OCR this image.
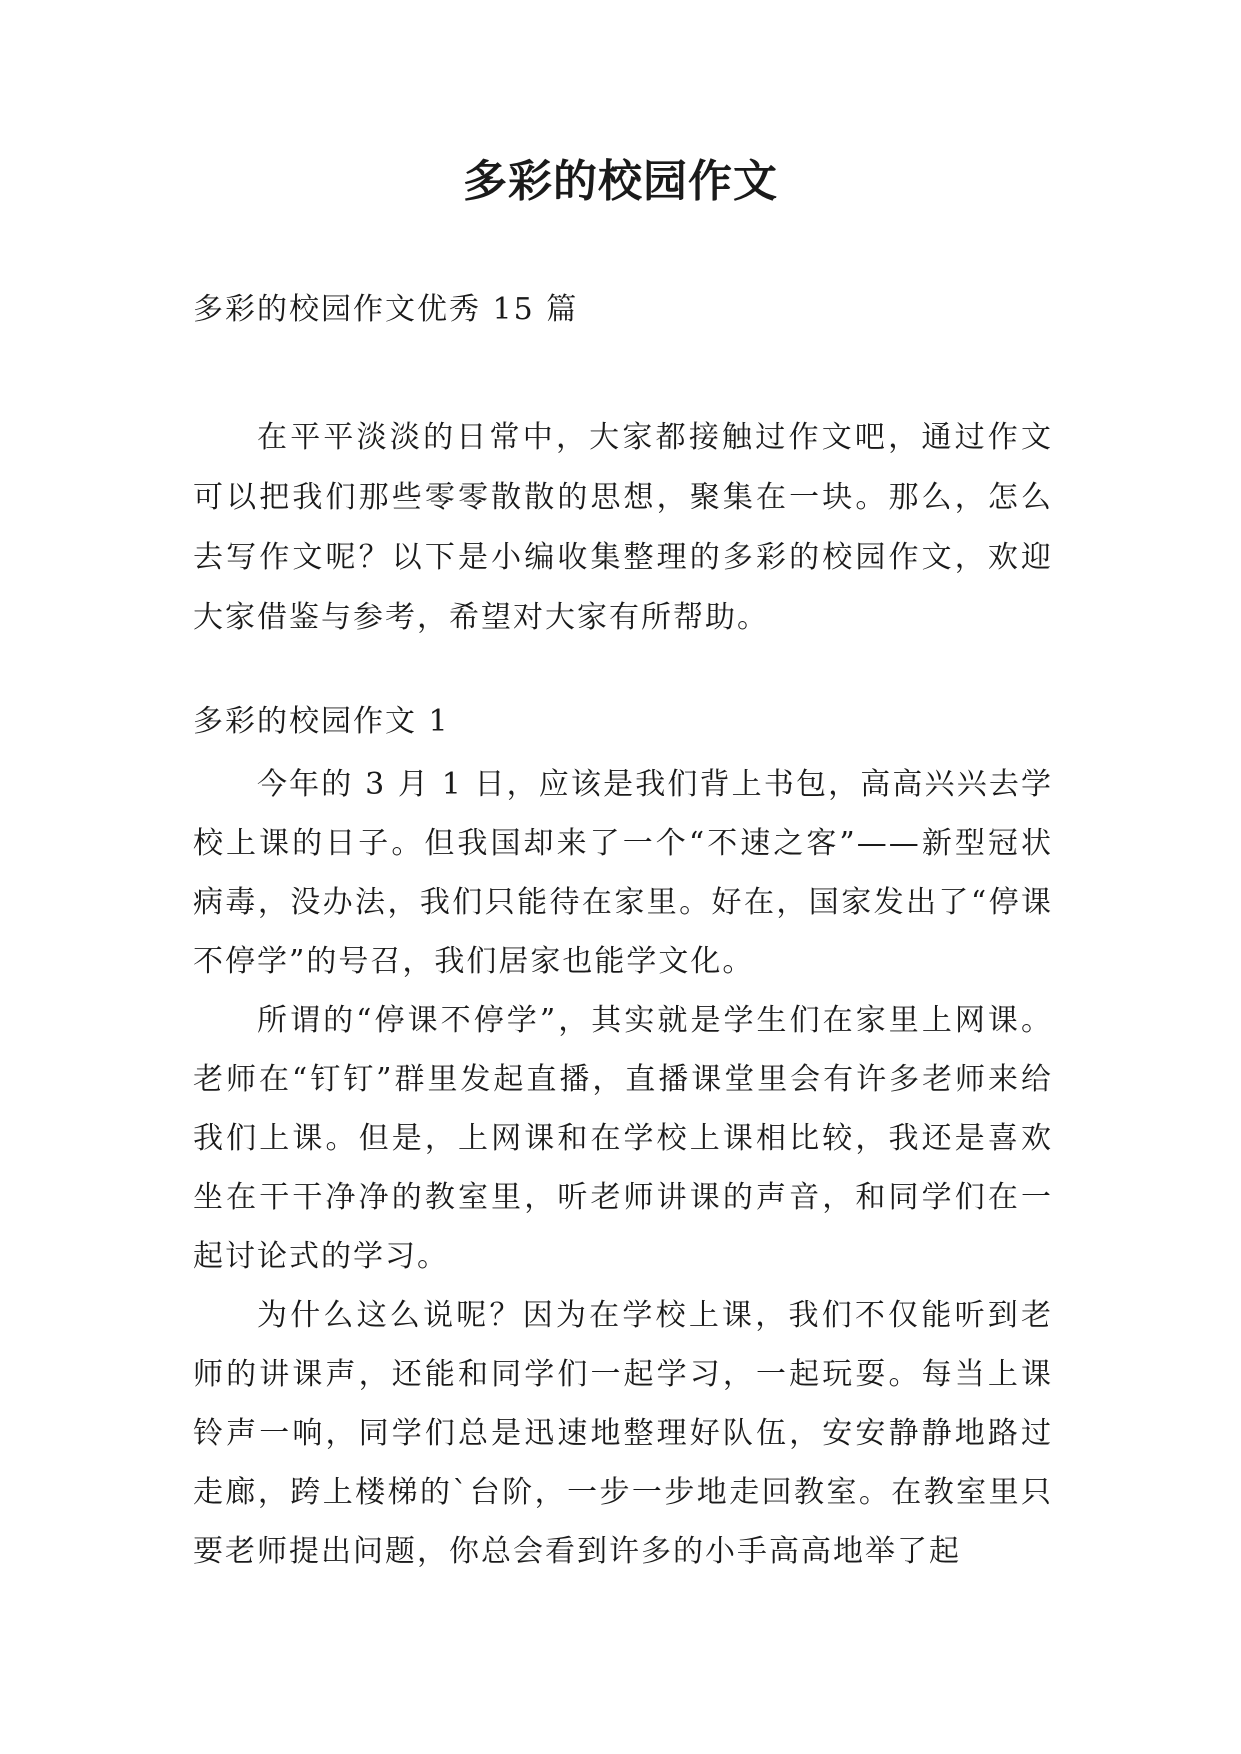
多彩的校园作文
多彩的校园作文优秀 15 篇

在平平淡淡的日常中，大家都接触过作文吧，通过作文可以把我们那些零零散散的思想，聚集在一块。那么，怎么去写作文呢？以下是小编收集整理的多彩的校园作文，欢迎大家借鉴与参考，希望对大家有所帮助。

多彩的校园作文 1

今年的 3 月 1 日，应该是我们背上书包，高高兴兴去学校上课的日子。但我国却来了一个“不速之客”——新型冠状病毒，没办法，我们只能待在家里。好在，国家发出了“停课不停学”的号召，我们居家也能学文化。

所谓的“停课不停学”，其实就是学生们在家里上网课。老师在“钉钉”群里发起直播，直播课堂里会有许多老师来给我们上课。但是，上网课和在学校上课相比较，我还是喜欢坐在干干净净的教室里，听老师讲课的声音，和同学们在一起讨论式的学习。

为什么这么说呢？因为在学校上课，我们不仅能听到老师的讲课声，还能和同学们一起学习，一起玩耍。每当上课铃声一响，同学们总是迅速地整理好队伍，安安静静地路过走廊，跨上楼梯的`台阶，一步一步地走回教室。在教室里只要老师提出问题，你总会看到许多的小手高高地举了起
